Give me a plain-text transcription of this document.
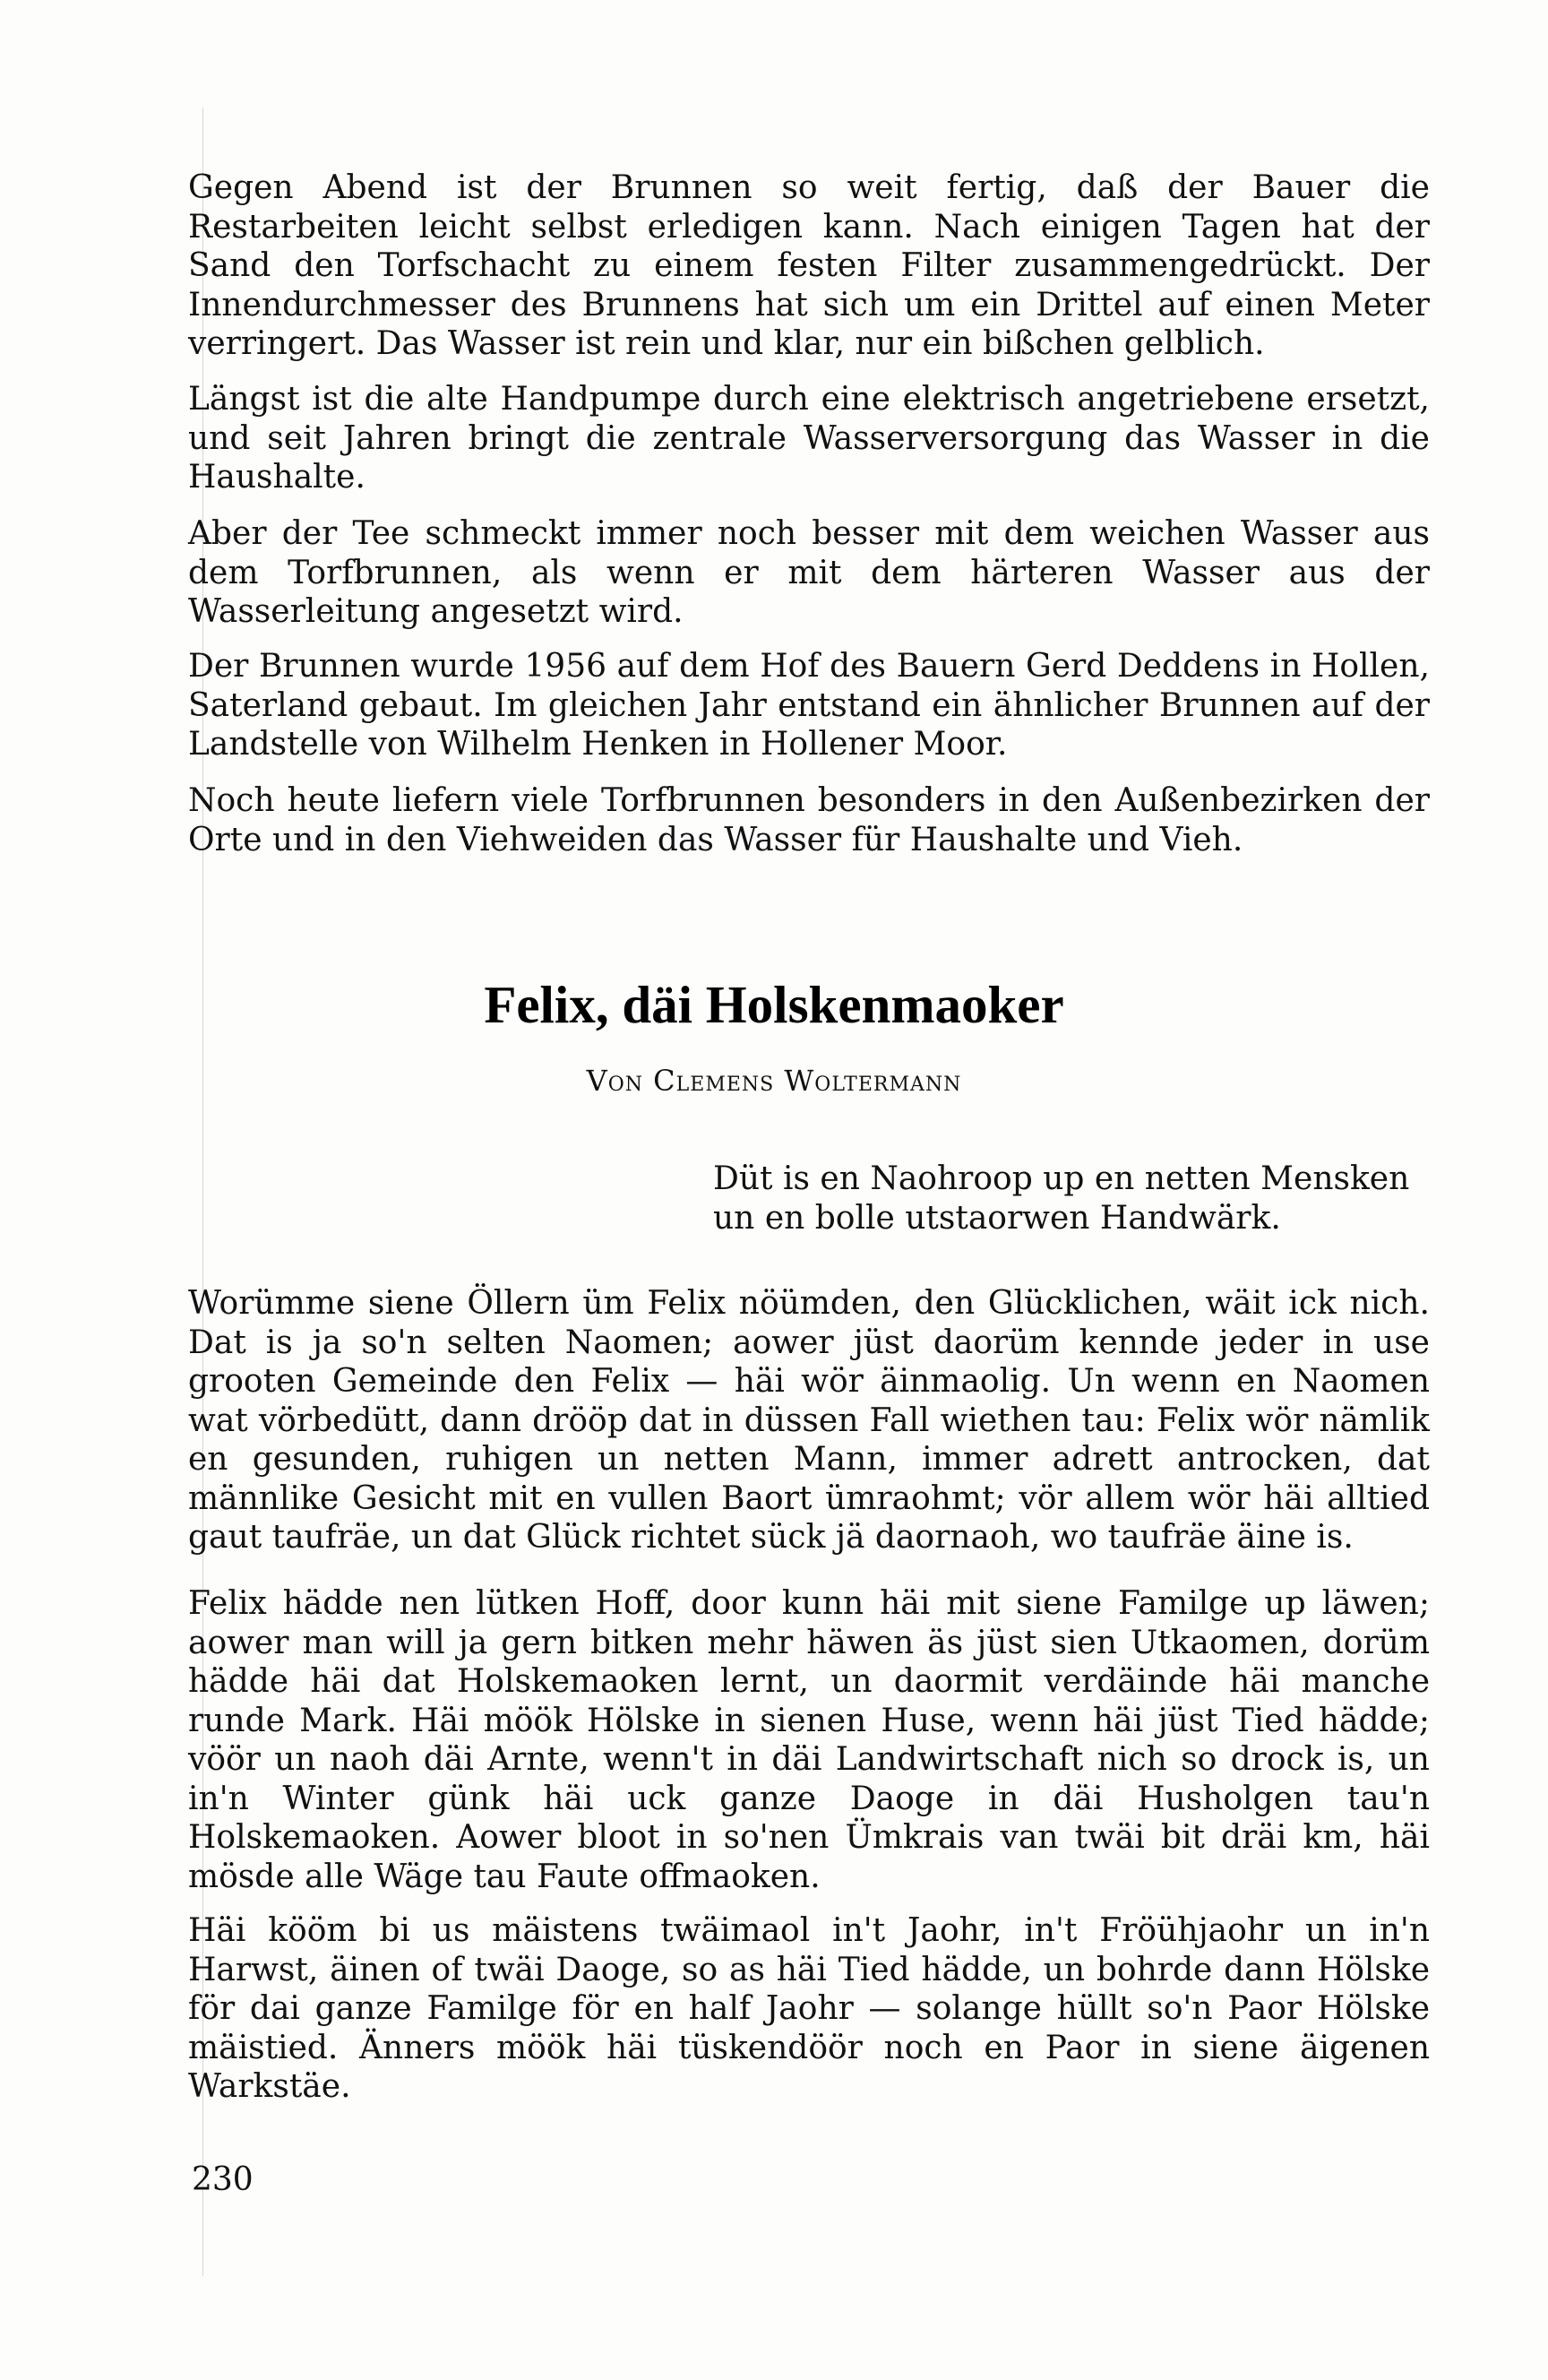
Gegen Abend ist der Brunnen so weit fertig, daß der Bauer die Restarbeiten leicht selbst erledigen kann. Nach einigen Tagen hat der Sand den Torfschacht zu einem festen Filter zusammengedrückt. Der Innendurchmesser des Brunnens hat sich um ein Drittel auf einen Meter verringert. Das Wasser ist rein und klar, nur ein bißchen gelblich.

Längst ist die alte Handpumpe durch eine elektrisch angetriebene ersetzt, und seit Jahren bringt die zentrale Wasserversorgung das Wasser in die Haushalte.

Aber der Tee schmeckt immer noch besser mit dem weichen Wasser aus dem Torfbrunnen, als wenn er mit dem härteren Wasser aus der Wasserleitung angesetzt wird.

Der Brunnen wurde 1956 auf dem Hof des Bauern Gerd Deddens in Hollen, Saterland gebaut. Im gleichen Jahr entstand ein ähnlicher Brunnen auf der Landstelle von Wilhelm Henken in Hollener Moor.

Noch heute liefern viele Torfbrunnen besonders in den Außenbezirken der Orte und in den Viehweiden das Wasser für Haushalte und Vieh.

Felix, däi Holskenmaoker

Von Clemens Woltermann

Düt is en Naohroop up en netten Mensken
un en bolle utstaorwen Handwärk.

Worümme siene Öllern üm Felix nöümden, den Glücklichen, wäit ick nich. Dat is ja so'n selten Naomen; aower jüst daorüm kennde jeder in use grooten Gemeinde den Felix — häi wör äinmaolig. Un wenn en Naomen wat vörbedütt, dann drööp dat in düssen Fall wiethen tau: Felix wör nämlik en gesunden, ruhigen un netten Mann, immer adrett antrocken, dat männlike Gesicht mit en vullen Baort ümraohmt; vör allem wör häi alltied gaut taufräe, un dat Glück richtet sück jä daornaoh, wo taufräe äine is.

Felix hädde nen lütken Hoff, door kunn häi mit siene Familge up läwen; aower man will ja gern bitken mehr häwen äs jüst sien Utkaomen, dorüm hädde häi dat Holskemaoken lernt, un daormit verdäinde häi manche runde Mark. Häi möök Hölske in sienen Huse, wenn häi jüst Tied hädde; vöör un naoh däi Arnte, wenn't in däi Landwirtschaft nich so drock is, un in'n Winter günk häi uck ganze Daoge in däi Husholgen tau'n Holskemaoken. Aower bloot in so'nen Ümkrais van twäi bit dräi km, häi mösde alle Wäge tau Faute offmaoken.

Häi kööm bi us mäistens twäimaol in't Jaohr, in't Fröühjaohr un in'n Harwst, äinen of twäi Daoge, so as häi Tied hädde, un bohrde dann Hölske för dai ganze Familge för en half Jaohr — solange hüllt so'n Paor Hölske mäistied. Änners möök häi tüskendöör noch en Paor in siene äigenen Warkstäe.

230
